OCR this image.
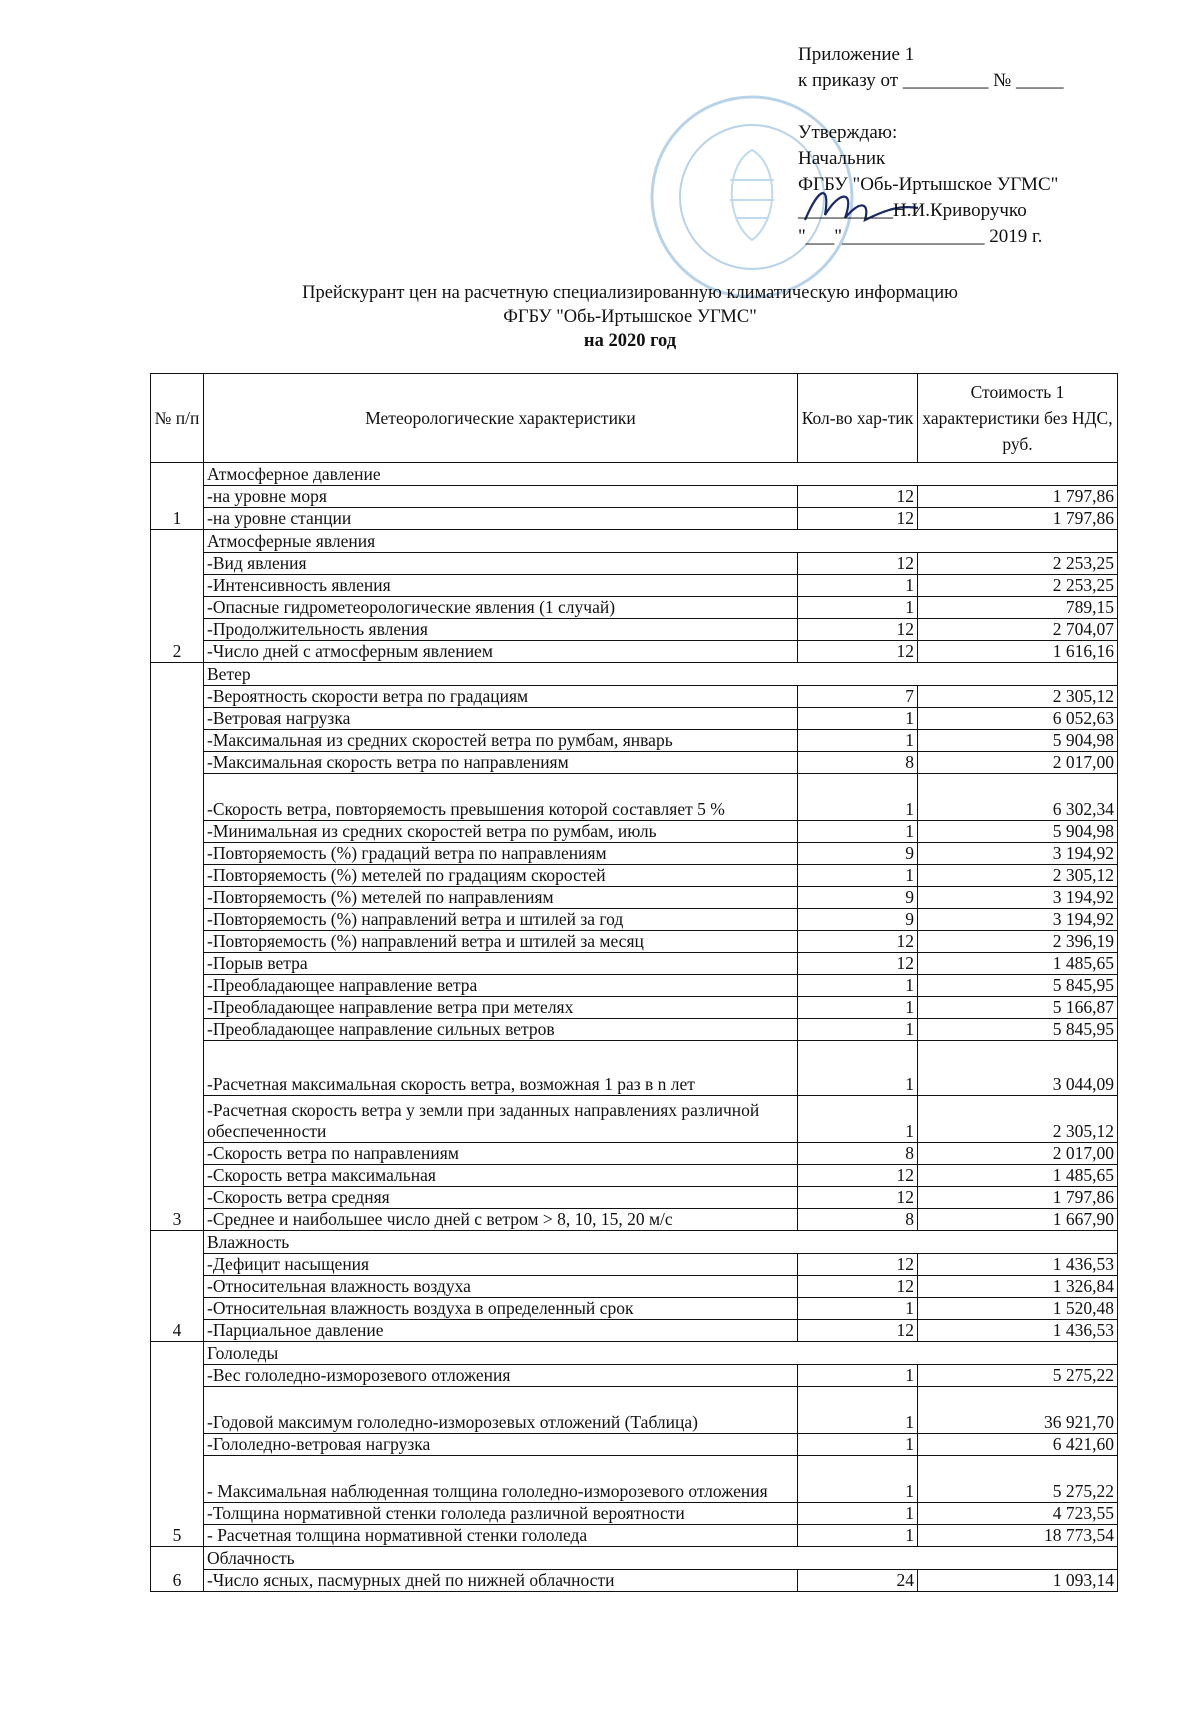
Приложение 1
к приказу от _________ № _____
Утверждаю:
Начальник
ФГБУ "Обь-Иртышское УГМС"
__________Н.И.Криворучко
"___"_______________ 2019 г.
Прейскурант цен на расчетную специализированную климатическую информацию
ФГБУ "Обь-Иртышское УГМС"
на 2020 год
№ п/п	Метеорологические характеристики	Кол-во хар-тик	Стоимость 1 характеристики без НДС, руб.
1	Атмосферное давление		
	-на уровне моря	12	1 797,86
	-на уровне станции	12	1 797,86
2	Атмосферные явления		
	-Вид явления	12	2 253,25
	-Интенсивность явления	1	2 253,25
	-Опасные гидрометеорологические явления (1 случай)	1	789,15
	-Продолжительность явления	12	2 704,07
	-Число дней с атмосферным явлением	12	1 616,16
3	Ветер		
	-Вероятность скорости ветра по градациям	7	2 305,12
	-Ветровая нагрузка	1	6 052,63
	-Максимальная из средних скоростей ветра по румбам, январь	1	5 904,98
	-Максимальная скорость ветра по направлениям	8	2 017,00
	-Скорость ветра, повторяемость превышения которой составляет 5 %	1	6 302,34
	-Минимальная из средних скоростей ветра по румбам, июль	1	5 904,98
	-Повторяемость (%) градаций ветра по направлениям	9	3 194,92
	-Повторяемость (%) метелей по градациям скоростей	1	2 305,12
	-Повторяемость (%) метелей по направлениям	9	3 194,92
	-Повторяемость (%) направлений ветра и штилей за год	9	3 194,92
	-Повторяемость (%) направлений ветра и штилей за месяц	12	2 396,19
	-Порыв ветра	12	1 485,65
	-Преобладающее направление ветра	1	5 845,95
	-Преобладающее направление ветра при метелях	1	5 166,87
	-Преобладающее направление сильных ветров	1	5 845,95
	-Расчетная максимальная скорость ветра, возможная 1 раз в n лет	1	3 044,09
	-Расчетная скорость ветра у земли при заданных направлениях различной обеспеченности	1	2 305,12
	-Скорость ветра по направлениям	8	2 017,00
	-Скорость ветра максимальная	12	1 485,65
	-Скорость ветра средняя	12	1 797,86
	-Среднее и наибольшее число дней с ветром > 8, 10, 15, 20 м/с	8	1 667,90
4	Влажность		
	-Дефицит насыщения	12	1 436,53
	-Относительная влажность воздуха	12	1 326,84
	-Относительная влажность воздуха в определенный срок	1	1 520,48
	-Парциальное давление	12	1 436,53
5	Гололеды		
	-Вес гололедно-изморозевого отложения	1	5 275,22
	-Годовой максимум гололедно-изморозевых отложений (Таблица)	1	36 921,70
	-Гололедно-ветровая нагрузка	1	6 421,60
	- Максимальная наблюденная толщина гололедно-изморозевого отложения	1	5 275,22
	-Толщина нормативной стенки гололеда различной вероятности	1	4 723,55
	- Расчетная толщина нормативной стенки гололеда	1	18 773,54
6	Облачность		
	-Число ясных, пасмурных дней по нижней облачности	24	1 093,14
